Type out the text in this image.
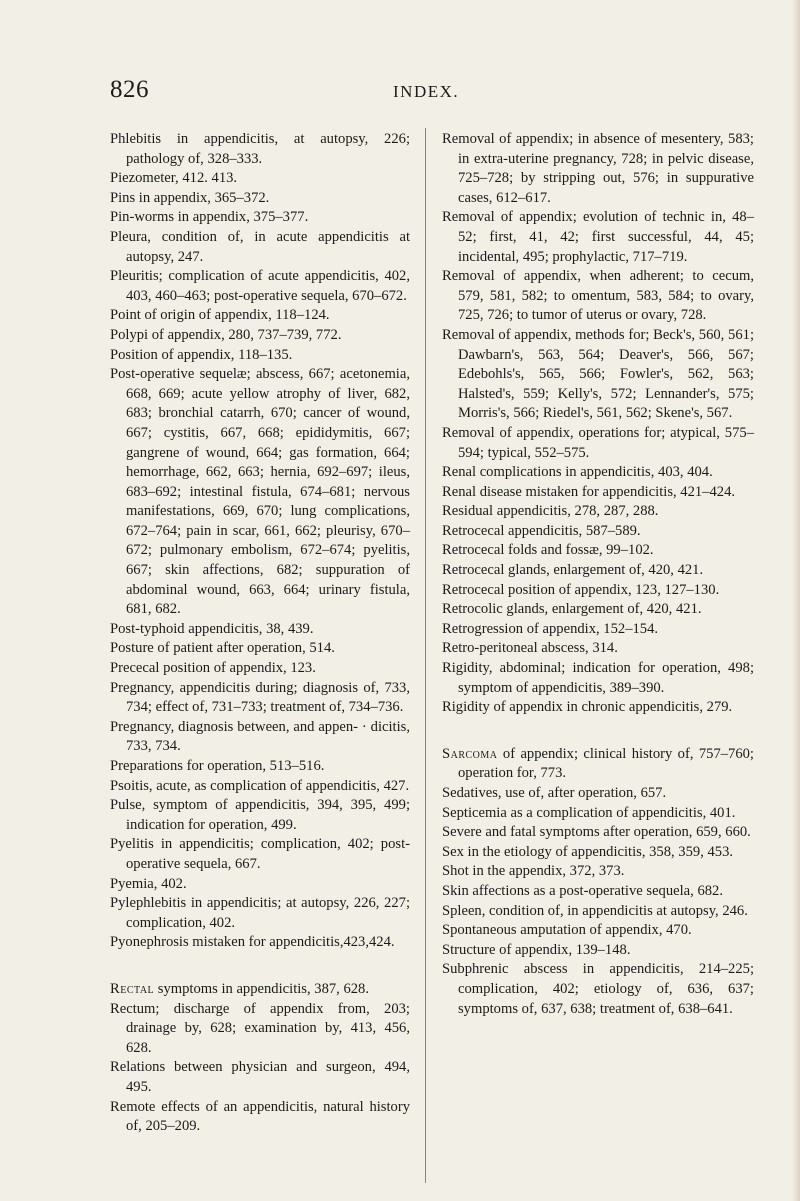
826	INDEX.

Phlebitis in appendicitis, at autopsy, 226; pathology of, 328–333.

Piezometer, 412. 413.

Pins in appendix, 365–372.

Pin-worms in appendix, 375–377.

Pleura, condition of, in acute appendicitis at autopsy, 247.

Pleuritis; complication of acute appendicitis, 402, 403, 460–463; post-operative sequela, 670–672.

Point of origin of appendix, 118–124.

Polypi of appendix, 280, 737–739, 772.

Position of appendix, 118–135.

Post-operative sequelæ; abscess, 667; acetonemia, 668, 669; acute yellow atrophy of liver, 682, 683; bronchial catarrh, 670; cancer of wound, 667; cystitis, 667, 668; epididymitis, 667; gangrene of wound, 664; gas formation, 664; hemorrhage, 662, 663; hernia, 692–697; ileus, 683–692; intestinal fistula, 674–681; nervous manifestations, 669, 670; lung complications, 672–764; pain in scar, 661, 662; pleurisy, 670–672; pulmonary embolism, 672–674; pyelitis, 667; skin affections, 682; suppuration of abdominal wound, 663, 664; urinary fistula, 681, 682.

Post-typhoid appendicitis, 38, 439.

Posture of patient after operation, 514.

Prececal position of appendix, 123.

Pregnancy, appendicitis during; diagnosis of, 733, 734; effect of, 731–733; treatment of, 734–736.

Pregnancy, diagnosis between, and appen- · dicitis, 733, 734.

Preparations for operation, 513–516.

Psoitis, acute, as complication of appendicitis, 427.

Pulse, symptom of appendicitis, 394, 395, 499; indication for operation, 499.

Pyelitis in appendicitis; complication, 402; post-operative sequela, 667.

Pyemia, 402.

Pylephlebitis in appendicitis; at autopsy, 226, 227; complication, 402.

Pyonephrosis mistaken for appendicitis,423,424.

Rectal symptoms in appendicitis, 387, 628.

Rectum; discharge of appendix from, 203; drainage by, 628; examination by, 413, 456, 628.

Relations between physician and surgeon, 494, 495.

Remote effects of an appendicitis, natural history of, 205–209.

Removal of appendix; in absence of mesentery, 583; in extra-uterine pregnancy, 728; in pelvic disease, 725–728; by stripping out, 576; in suppurative cases, 612–617.

Removal of appendix; evolution of technic in, 48–52; first, 41, 42; first successful, 44, 45; incidental, 495; prophylactic, 717–719.

Removal of appendix, when adherent; to cecum, 579, 581, 582; to omentum, 583, 584; to ovary, 725, 726; to tumor of uterus or ovary, 728.

Removal of appendix, methods for; Beck's, 560, 561; Dawbarn's, 563, 564; Deaver's, 566, 567; Edebohls's, 565, 566; Fowler's, 562, 563; Halsted's, 559; Kelly's, 572; Lennander's, 575; Morris's, 566; Riedel's, 561, 562; Skene's, 567.

Removal of appendix, operations for; atypical, 575–594; typical, 552–575.

Renal complications in appendicitis, 403, 404.

Renal disease mistaken for appendicitis, 421–424.

Residual appendicitis, 278, 287, 288.

Retrocecal appendicitis, 587–589.

Retrocecal folds and fossæ, 99–102.

Retrocecal glands, enlargement of, 420, 421.

Retrocecal position of appendix, 123, 127–130.

Retrocolic glands, enlargement of, 420, 421.

Retrogression of appendix, 152–154.

Retro-peritoneal abscess, 314.

Rigidity, abdominal; indication for operation, 498; symptom of appendicitis, 389–390.

Rigidity of appendix in chronic appendicitis, 279.

Sarcoma of appendix; clinical history of, 757–760; operation for, 773.

Sedatives, use of, after operation, 657.

Septicemia as a complication of appendicitis, 401.

Severe and fatal symptoms after operation, 659, 660.

Sex in the etiology of appendicitis, 358, 359, 453.

Shot in the appendix, 372, 373.

Skin affections as a post-operative sequela, 682.

Spleen, condition of, in appendicitis at autopsy, 246.

Spontaneous amputation of appendix, 470.

Structure of appendix, 139–148.

Subphrenic abscess in appendicitis, 214–225; complication, 402; etiology of, 636, 637; symptoms of, 637, 638; treatment of, 638–641.
